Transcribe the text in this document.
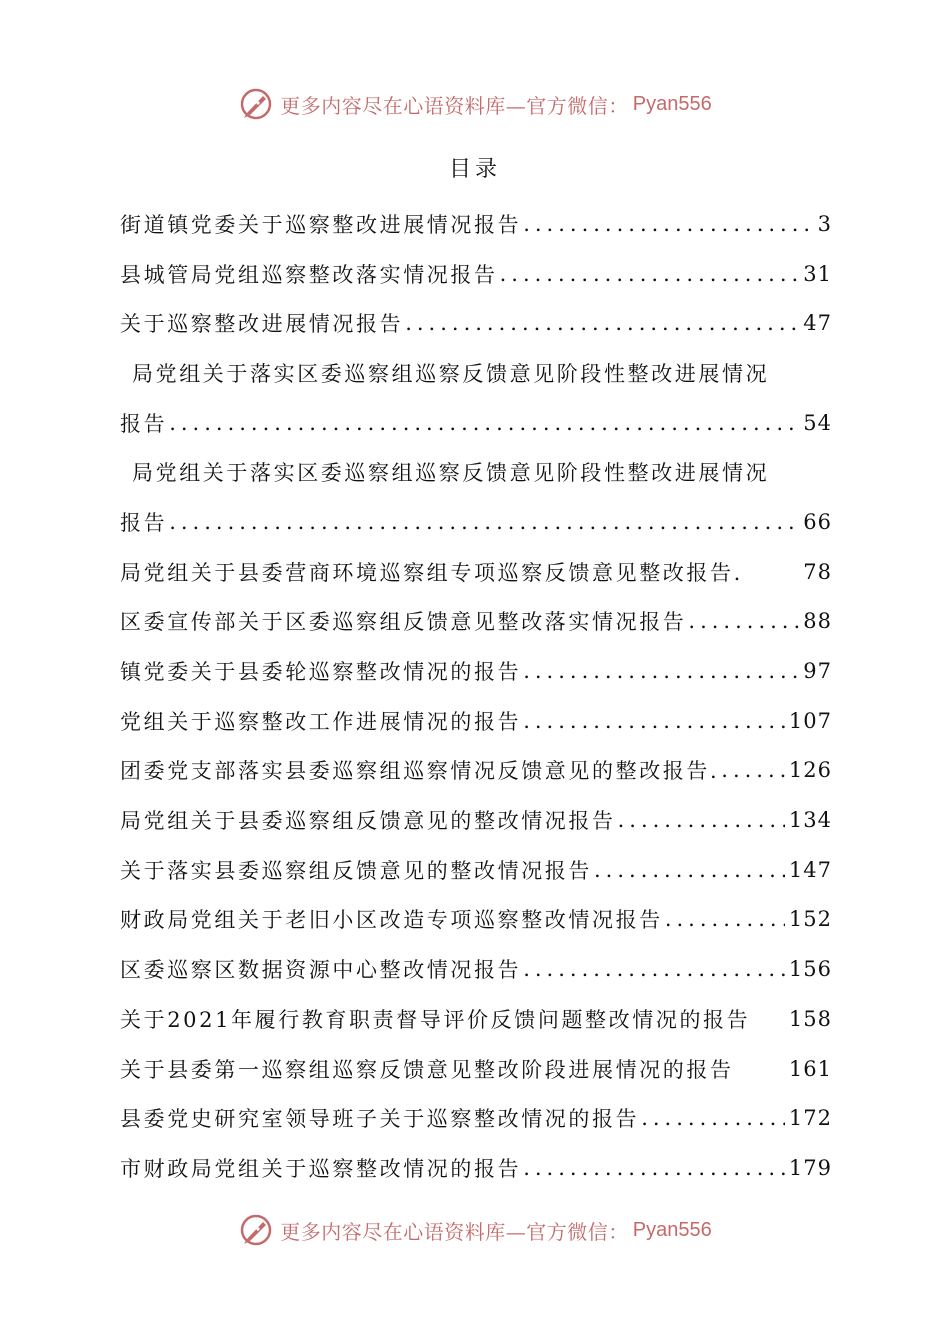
更多内容尽在心语资料库—官方微信： Pyan556
目录
街道镇党委关于巡察整改进展情况报告 .....	3
县城管局党组巡察整改落实情况报告 .....	31
关于巡察整改进展情况报告 .....	47
局党组关于落实区委巡察组巡察反馈意见阶段性整改进展情况
报告 .....	54
局党组关于落实区委巡察组巡察反馈意见阶段性整改进展情况
报告 .....	66
局党组关于县委营商环境巡察组专项巡察反馈意见整改报告.	78
区委宣传部关于区委巡察组反馈意见整改落实情况报告 .....	88
镇党委关于县委轮巡察整改情况的报告 .....	97
党组关于巡察整改工作进展情况的报告 .....	107
团委党支部落实县委巡察组巡察情况反馈意见的整改报告. .....	126
局党组关于县委巡察组反馈意见的整改情况报告 .....	134
关于落实县委巡察组反馈意见的整改情况报告 .....	147
财政局党组关于老旧小区改造专项巡察整改情况报告 .....	152
区委巡察区数据资源中心整改情况报告 .....	156
关于2021年履行教育职责督导评价反馈问题整改情况的报告 158
关于县委第一巡察组巡察反馈意见整改阶段进展情况的报告	161
县委党史研究室领导班子关于巡察整改情况的报告 .....	172
市财政局党组关于巡察整改情况的报告 .....	179
更多内容尽在心语资料库—官方微信： Pyan556
